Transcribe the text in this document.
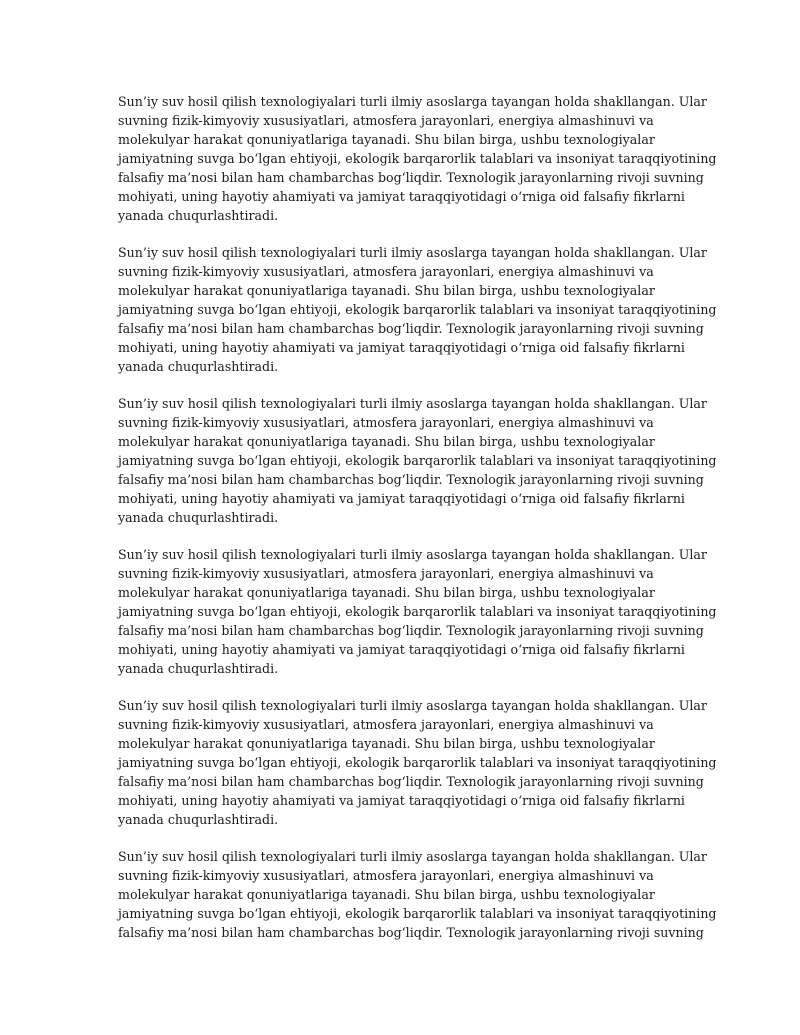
Sun’iy suv hosil qilish texnologiyalari turli ilmiy asoslarga tayangan holda shakllangan. Ular
suvning fizik-kimyoviy xususiyatlari, atmosfera jarayonlari, energiya almashinuvi va
molekulyar harakat qonuniyatlariga tayanadi. Shu bilan birga, ushbu texnologiyalar
jamiyatning suvga bo‘lgan ehtiyoji, ekologik barqarorlik talablari va insoniyat taraqqiyotining
falsafiy ma’nosi bilan ham chambarchas bog‘liqdir. Texnologik jarayonlarning rivoji suvning
mohiyati, uning hayotiy ahamiyati va jamiyat taraqqiyotidagi o‘rniga oid falsafiy fikrlarni
yanada chuqurlashtiradi.

Sun’iy suv hosil qilish texnologiyalari turli ilmiy asoslarga tayangan holda shakllangan. Ular
suvning fizik-kimyoviy xususiyatlari, atmosfera jarayonlari, energiya almashinuvi va
molekulyar harakat qonuniyatlariga tayanadi. Shu bilan birga, ushbu texnologiyalar
jamiyatning suvga bo‘lgan ehtiyoji, ekologik barqarorlik talablari va insoniyat taraqqiyotining
falsafiy ma’nosi bilan ham chambarchas bog‘liqdir. Texnologik jarayonlarning rivoji suvning
mohiyati, uning hayotiy ahamiyati va jamiyat taraqqiyotidagi o‘rniga oid falsafiy fikrlarni
yanada chuqurlashtiradi.

Sun’iy suv hosil qilish texnologiyalari turli ilmiy asoslarga tayangan holda shakllangan. Ular
suvning fizik-kimyoviy xususiyatlari, atmosfera jarayonlari, energiya almashinuvi va
molekulyar harakat qonuniyatlariga tayanadi. Shu bilan birga, ushbu texnologiyalar
jamiyatning suvga bo‘lgan ehtiyoji, ekologik barqarorlik talablari va insoniyat taraqqiyotining
falsafiy ma’nosi bilan ham chambarchas bog‘liqdir. Texnologik jarayonlarning rivoji suvning
mohiyati, uning hayotiy ahamiyati va jamiyat taraqqiyotidagi o‘rniga oid falsafiy fikrlarni
yanada chuqurlashtiradi.

Sun’iy suv hosil qilish texnologiyalari turli ilmiy asoslarga tayangan holda shakllangan. Ular
suvning fizik-kimyoviy xususiyatlari, atmosfera jarayonlari, energiya almashinuvi va
molekulyar harakat qonuniyatlariga tayanadi. Shu bilan birga, ushbu texnologiyalar
jamiyatning suvga bo‘lgan ehtiyoji, ekologik barqarorlik talablari va insoniyat taraqqiyotining
falsafiy ma’nosi bilan ham chambarchas bog‘liqdir. Texnologik jarayonlarning rivoji suvning
mohiyati, uning hayotiy ahamiyati va jamiyat taraqqiyotidagi o‘rniga oid falsafiy fikrlarni
yanada chuqurlashtiradi.

Sun’iy suv hosil qilish texnologiyalari turli ilmiy asoslarga tayangan holda shakllangan. Ular
suvning fizik-kimyoviy xususiyatlari, atmosfera jarayonlari, energiya almashinuvi va
molekulyar harakat qonuniyatlariga tayanadi. Shu bilan birga, ushbu texnologiyalar
jamiyatning suvga bo‘lgan ehtiyoji, ekologik barqarorlik talablari va insoniyat taraqqiyotining
falsafiy ma’nosi bilan ham chambarchas bog‘liqdir. Texnologik jarayonlarning rivoji suvning
mohiyati, uning hayotiy ahamiyati va jamiyat taraqqiyotidagi o‘rniga oid falsafiy fikrlarni
yanada chuqurlashtiradi.

Sun’iy suv hosil qilish texnologiyalari turli ilmiy asoslarga tayangan holda shakllangan. Ular
suvning fizik-kimyoviy xususiyatlari, atmosfera jarayonlari, energiya almashinuvi va
molekulyar harakat qonuniyatlariga tayanadi. Shu bilan birga, ushbu texnologiyalar
jamiyatning suvga bo‘lgan ehtiyoji, ekologik barqarorlik talablari va insoniyat taraqqiyotining
falsafiy ma’nosi bilan ham chambarchas bog‘liqdir. Texnologik jarayonlarning rivoji suvning
